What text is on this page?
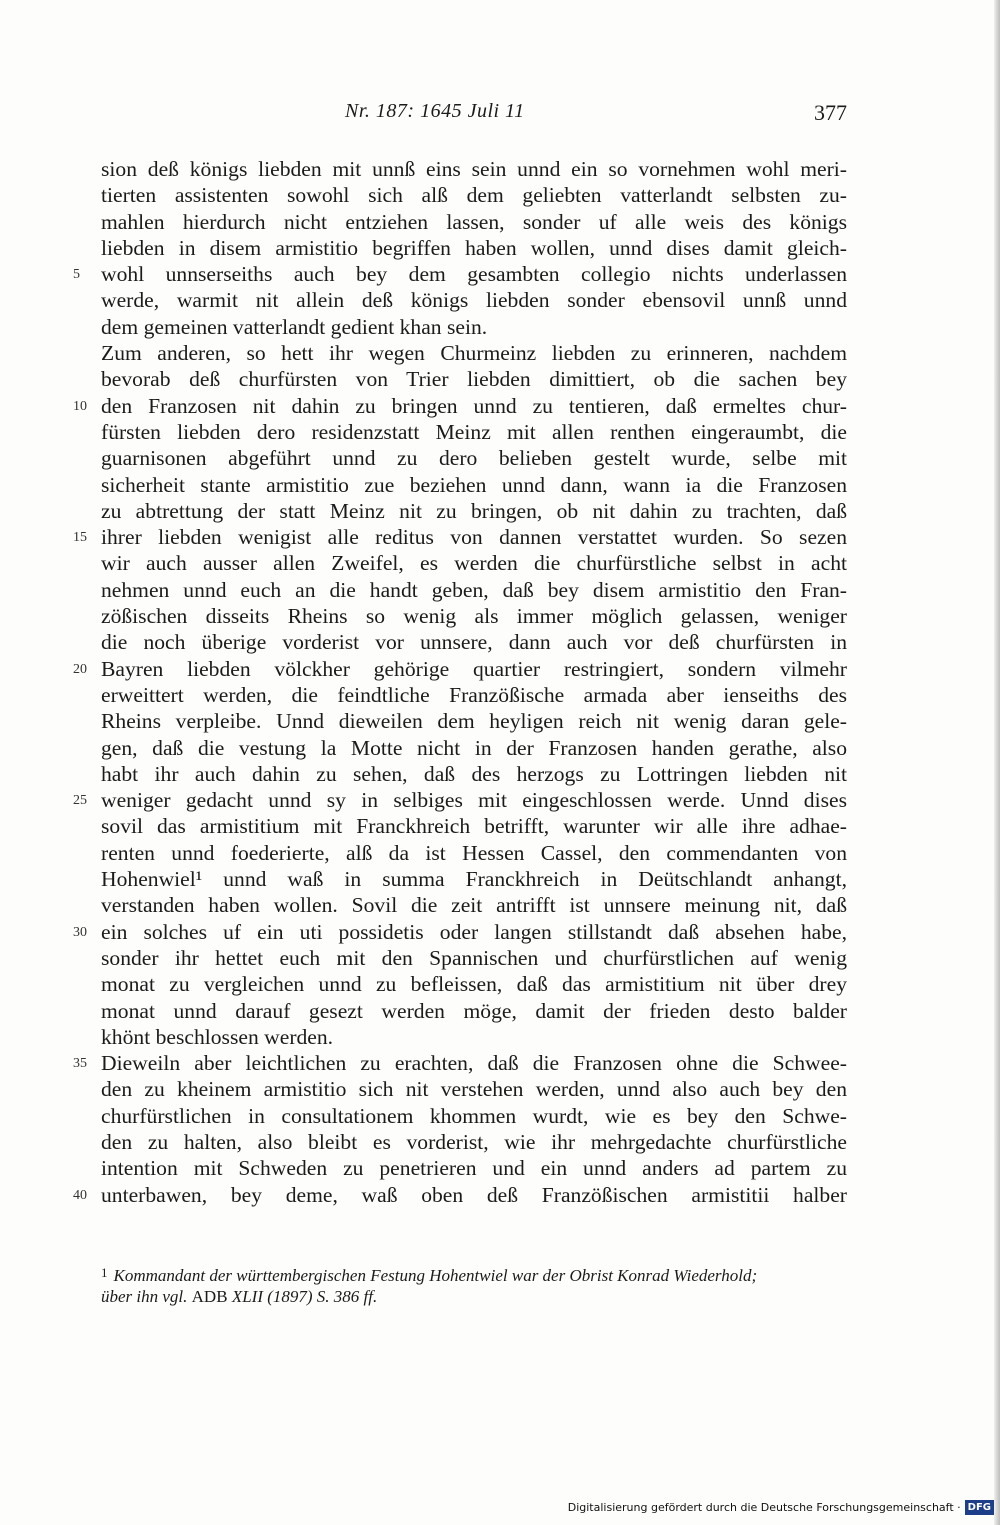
Nr. 187: 1645 Juli 11	377
sion deß königs liebden mit unnß eins sein unnd ein so vornehmen wohl meri-
tierten assistenten sowohl sich alß dem geliebten vatterlandt selbsten zu-
mahlen hierdurch nicht entziehen lassen, sonder uf alle weis des königs
liebden in disem armistitio begriffen haben wollen, unnd dises damit gleich-
5 wohl unnserseiths auch bey dem gesambten collegio nichts underlassen
werde, warmit nit allein deß königs liebden sonder ebensovil unnß unnd
dem gemeinen vatterlandt gedient khan sein.
Zum anderen, so hett ihr wegen Churmeinz liebden zu erinneren, nachdem
bevorab deß churfürsten von Trier liebden dimittiert, ob die sachen bey
10 den Franzosen nit dahin zu bringen unnd zu tentieren, daß ermeltes chur-
fürsten liebden dero residenzstatt Meinz mit allen renthen eingeraumbt, die
guarnisonen abgeführt unnd zu dero belieben gestelt wurde, selbe mit
sicherheit stante armistitio zue beziehen unnd dann, wann ia die Franzosen
zu abtrettung der statt Meinz nit zu bringen, ob nit dahin zu trachten, daß
15 ihrer liebden wenigist alle reditus von dannen verstattet wurden. So sezen
wir auch ausser allen Zweifel, es werden die churfürstliche selbst in acht
nehmen unnd euch an die handt geben, daß bey disem armistitio den Fran-
zößischen disseits Rheins so wenig als immer möglich gelassen, weniger
die noch überige vorderist vor unnsere, dann auch vor deß churfürsten in
20 Bayren liebden völckher gehörige quartier restringiert, sondern vilmehr
erweittert werden, die feindtliche Franzößische armada aber ienseiths des
Rheins verpleibe. Unnd dieweilen dem heyligen reich nit wenig daran gele-
gen, daß die vestung la Motte nicht in der Franzosen handen gerathe, also
habt ihr auch dahin zu sehen, daß des herzogs zu Lottringen liebden nit
25 weniger gedacht unnd sy in selbiges mit eingeschlossen werde. Unnd dises
sovil das armistitium mit Franckhreich betrifft, warunter wir alle ihre adhae-
renten unnd foederierte, alß da ist Hessen Cassel, den commendanten von
Hohenwiel¹ unnd waß in summa Franckhreich in Deütschlandt anhangt,
verstanden haben wollen. Sovil die zeit antrifft ist unnsere meinung nit, daß
30 ein solches uf ein uti possidetis oder langen stillstandt daß absehen habe,
sonder ihr hettet euch mit den Spannischen und churfürstlichen auf wenig
monat zu vergleichen unnd zu befleissen, daß das armistitium nit über drey
monat unnd darauf gesezt werden möge, damit der frieden desto balder
khönt beschlossen werden.
35 Dieweiln aber leichtlichen zu erachten, daß die Franzosen ohne die Schwee-
den zu kheinem armistitio sich nit verstehen werden, unnd also auch bey den
churfürstlichen in consultationem khommen wurdt, wie es bey den Schwe-
den zu halten, also bleibt es vorderist, wie ihr mehrgedachte churfürstliche
intention mit Schweden zu penetrieren und ein unnd anders ad partem zu
40 unterbawen, bey deme, waß oben deß Franzößischen armistitii halber
$^1$ Kommandant der württembergischen Festung Hohentwiel war der Obrist Konrad Wiederhold;
über ihn vgl. ADB XLII (1897) S. 386 ff.
Digitalisierung gefördert durch die Deutsche Forschungsgemeinschaft · DFG
